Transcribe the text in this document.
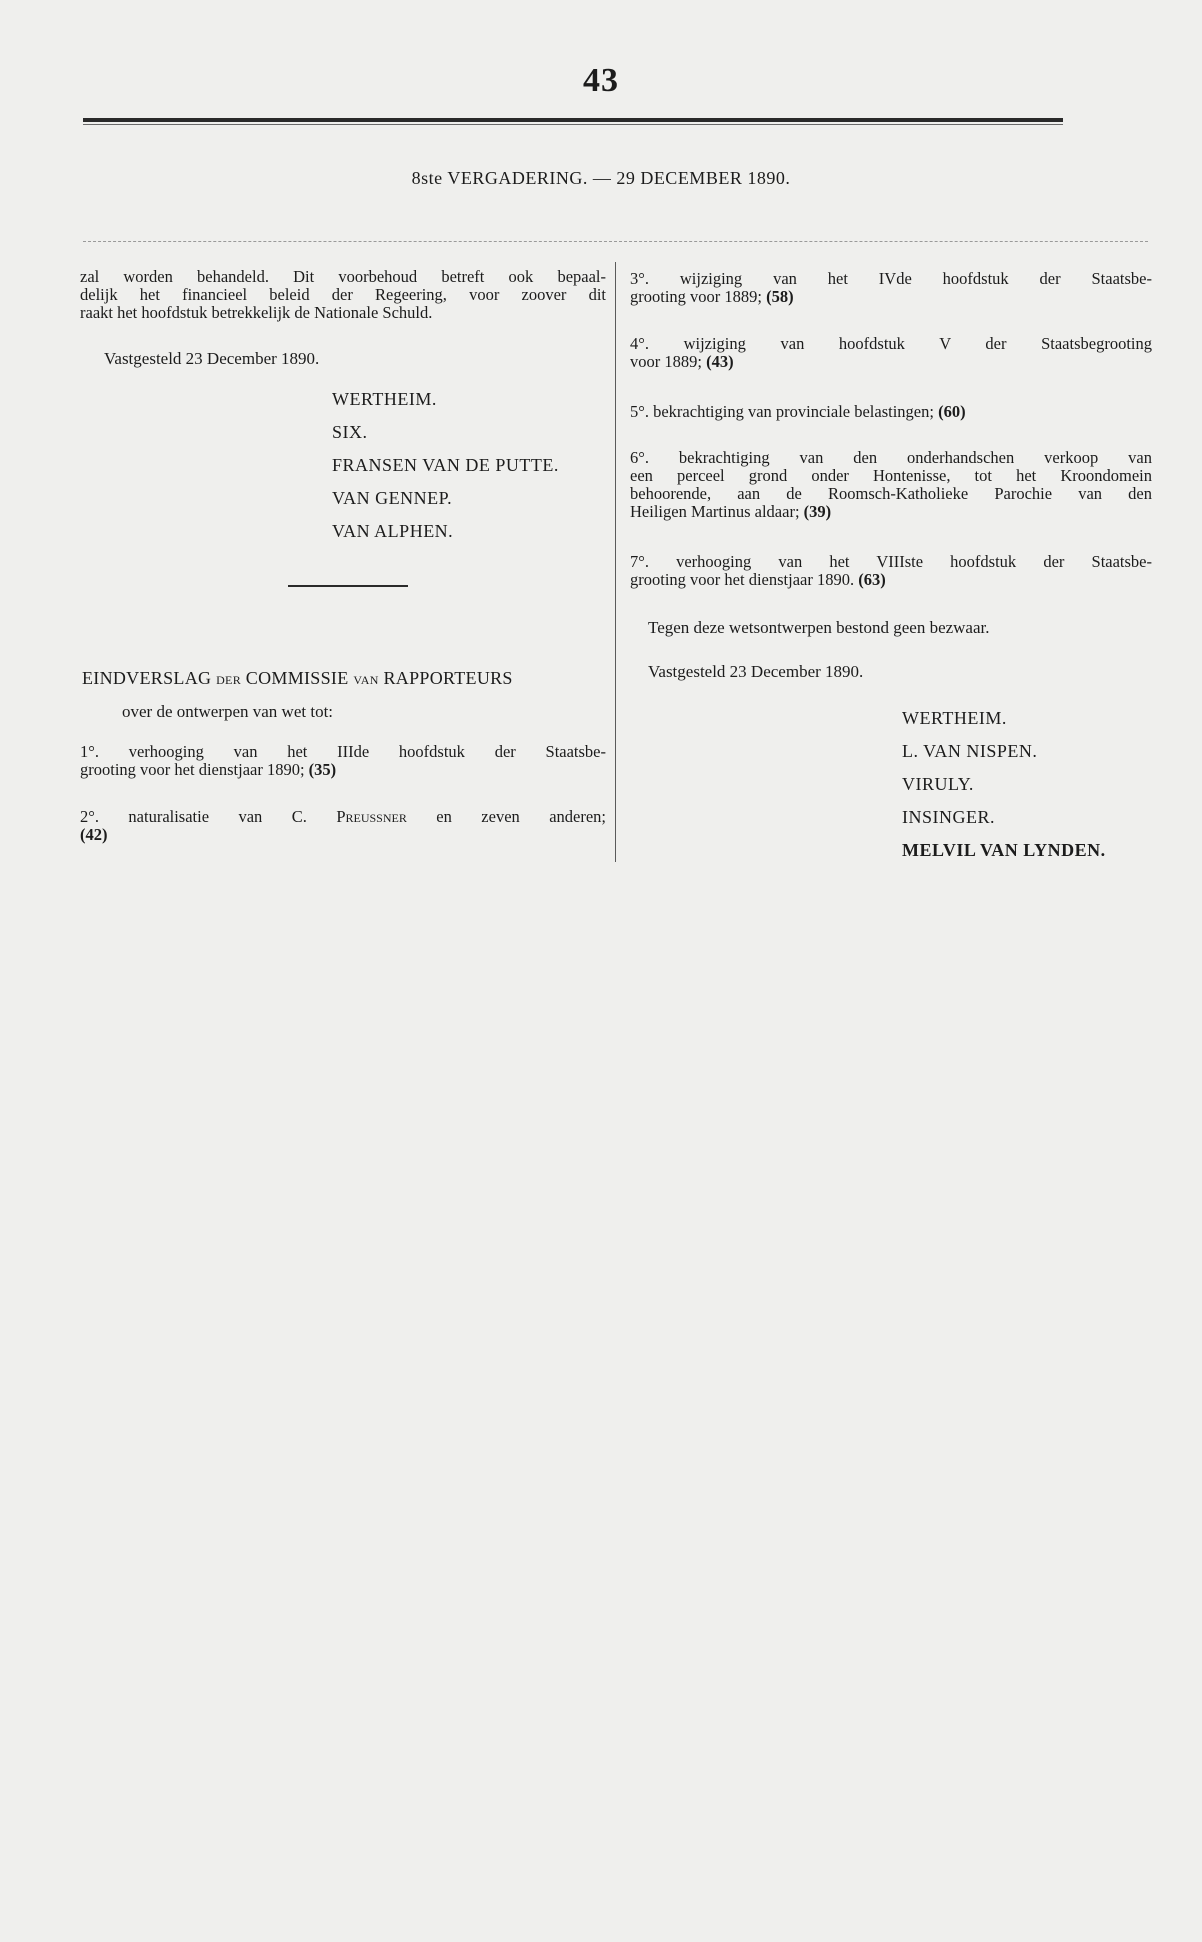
43
8ste VERGADERING. — 29 DECEMBER 1890.

zal worden behandeld. Dit voorbehoud betreft ook bepaal-

delijk het financieel beleid der Regeering, voor zoover dit

raakt het hoofdstuk betrekkelijk de Nationale Schuld.

Vastgesteld 23 December 1890.
WERTHEIM.
SIX.
FRANSEN VAN DE PUTTE.
VAN GENNEP.
VAN ALPHEN.
EINDVERSLAG DER COMMISSIE VAN RAPPORTEURS
over de ontwerpen van wet tot:

1°. verhooging van het IIIde hoofdstuk der Staatsbe-

grooting voor het dienstjaar 1890; (35)

2°. naturalisatie van C. Preussner en zeven anderen;

(42)

3°. wijziging van het IVde hoofdstuk der Staatsbe-

grooting voor 1889; (58)

4°. wijziging van hoofdstuk V der Staatsbegrooting

voor 1889; (43)

5°. bekrachtiging van provinciale belastingen; (60)

6°. bekrachtiging van den onderhandschen verkoop van

een perceel grond onder Hontenisse, tot het Kroondomein

behoorende, aan de Roomsch-Katholieke Parochie van den

Heiligen Martinus aldaar; (39)

7°. verhooging van het VIIIste hoofdstuk der Staatsbe-

grooting voor het dienstjaar 1890. (63)

Tegen deze wetsontwerpen bestond geen bezwaar.
Vastgesteld 23 December 1890.
WERTHEIM.
L. VAN NISPEN.
VIRULY.
INSINGER.
MELVIL VAN LYNDEN.
